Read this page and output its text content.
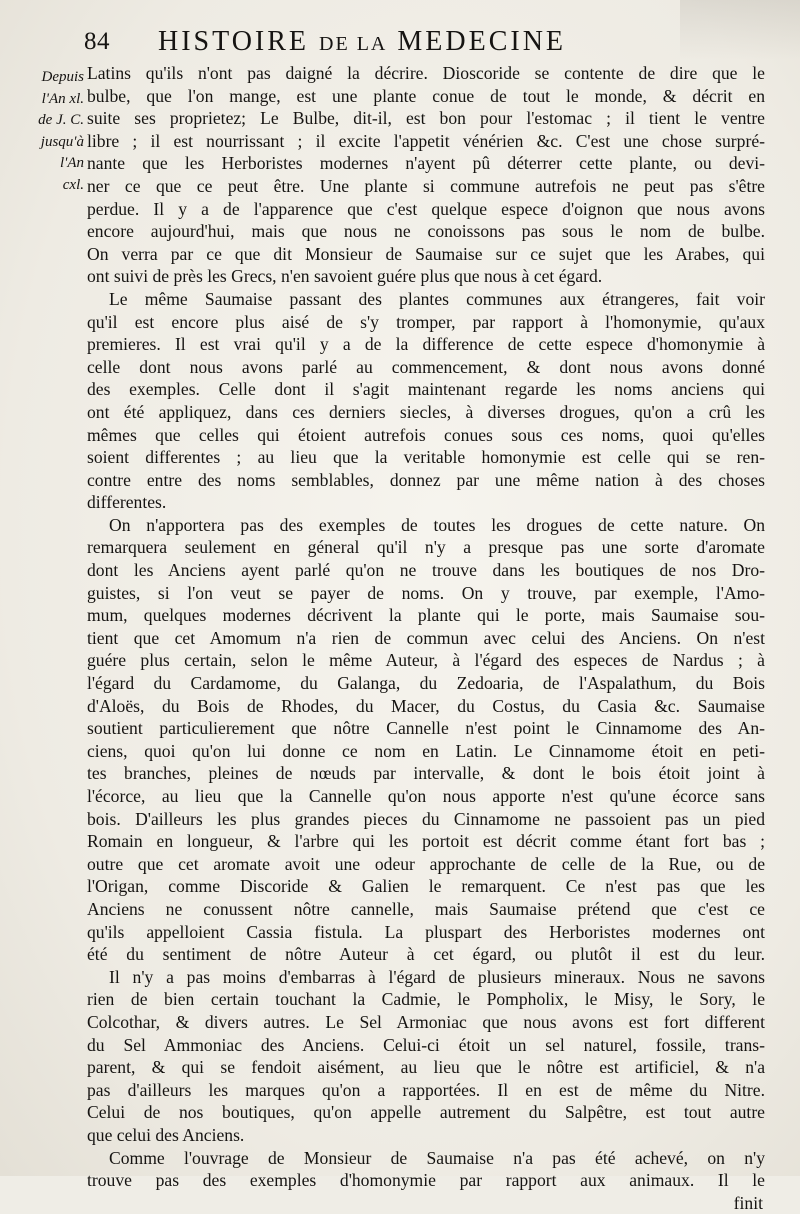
84 HISTOIRE DE LA MEDECINE
Depuis
l'An xl.
de J. C.
jusqu'à
l'An
cxl.
Latins qu'ils n'ont pas daigné la décrire. Dioscoride se contente de dire que le
bulbe, que l'on mange, est une plante conue de tout le monde, & décrit en
suite ses proprietez; Le Bulbe, dit-il, est bon pour l'estomac ; il tient le ventre
libre ; il est nourrissant ; il excite l'appetit vénérien &c. C'est une chose surpré-
nante que les Herboristes modernes n'ayent pû déterrer cette plante, ou devi-
ner ce que ce peut être. Une plante si commune autrefois ne peut pas s'être
perdue. Il y a de l'apparence que c'est quelque espece d'oignon que nous avons
encore aujourd'hui, mais que nous ne conoissons pas sous le nom de bulbe.
On verra par ce que dit Monsieur de Saumaise sur ce sujet que les Arabes, qui
ont suivi de près les Grecs, n'en savoient guére plus que nous à cet égard.
Le même Saumaise passant des plantes communes aux étrangeres, fait voir
qu'il est encore plus aisé de s'y tromper, par rapport à l'homonymie, qu'aux
premieres. Il est vrai qu'il y a de la difference de cette espece d'homonymie à
celle dont nous avons parlé au commencement, & dont nous avons donné
des exemples. Celle dont il s'agit maintenant regarde les noms anciens qui
ont été appliquez, dans ces derniers siecles, à diverses drogues, qu'on a crû les
mêmes que celles qui étoient autrefois conues sous ces noms, quoi qu'elles
soient differentes ; au lieu que la veritable homonymie est celle qui se ren-
contre entre des noms semblables, donnez par une même nation à des choses
differentes.
On n'apportera pas des exemples de toutes les drogues de cette nature. On
remarquera seulement en géneral qu'il n'y a presque pas une sorte d'aromate
dont les Anciens ayent parlé qu'on ne trouve dans les boutiques de nos Dro-
guistes, si l'on veut se payer de noms. On y trouve, par exemple, l'Amo-
mum, quelques modernes décrivent la plante qui le porte, mais Saumaise sou-
tient que cet Amomum n'a rien de commun avec celui des Anciens. On n'est
guére plus certain, selon le même Auteur, à l'égard des especes de Nardus ; à
l'égard du Cardamome, du Galanga, du Zedoaria, de l'Aspalathum, du Bois
d'Aloës, du Bois de Rhodes, du Macer, du Costus, du Casia &c. Saumaise
soutient particulierement que nôtre Cannelle n'est point le Cinnamome des An-
ciens, quoi qu'on lui donne ce nom en Latin. Le Cinnamome étoit en peti-
tes branches, pleines de nœuds par intervalle, & dont le bois étoit joint à
l'écorce, au lieu que la Cannelle qu'on nous apporte n'est qu'une écorce sans
bois. D'ailleurs les plus grandes pieces du Cinnamome ne passoient pas un pied
Romain en longueur, & l'arbre qui les portoit est décrit comme étant fort bas ;
outre que cet aromate avoit une odeur approchante de celle de la Rue, ou de
l'Origan, comme Discoride & Galien le remarquent. Ce n'est pas que les
Anciens ne conussent nôtre cannelle, mais Saumaise prétend que c'est ce
qu'ils appelloient Cassia fistula. La pluspart des Herboristes modernes ont
été du sentiment de nôtre Auteur à cet égard, ou plutôt il est du leur.
Il n'y a pas moins d'embarras à l'égard de plusieurs mineraux. Nous ne savons
rien de bien certain touchant la Cadmie, le Pompholix, le Misy, le Sory, le
Colcothar, & divers autres. Le Sel Armoniac que nous avons est fort different
du Sel Ammoniac des Anciens. Celui-ci étoit un sel naturel, fossile, trans-
parent, & qui se fendoit aisément, au lieu que le nôtre est artificiel, & n'a
pas d'ailleurs les marques qu'on a rapportées. Il en est de même du Nitre.
Celui de nos boutiques, qu'on appelle autrement du Salpêtre, est tout autre
que celui des Anciens.
Comme l'ouvrage de Monsieur de Saumaise n'a pas été achevé, on n'y
trouve pas des exemples d'homonymie par rapport aux animaux. Il le
finit
